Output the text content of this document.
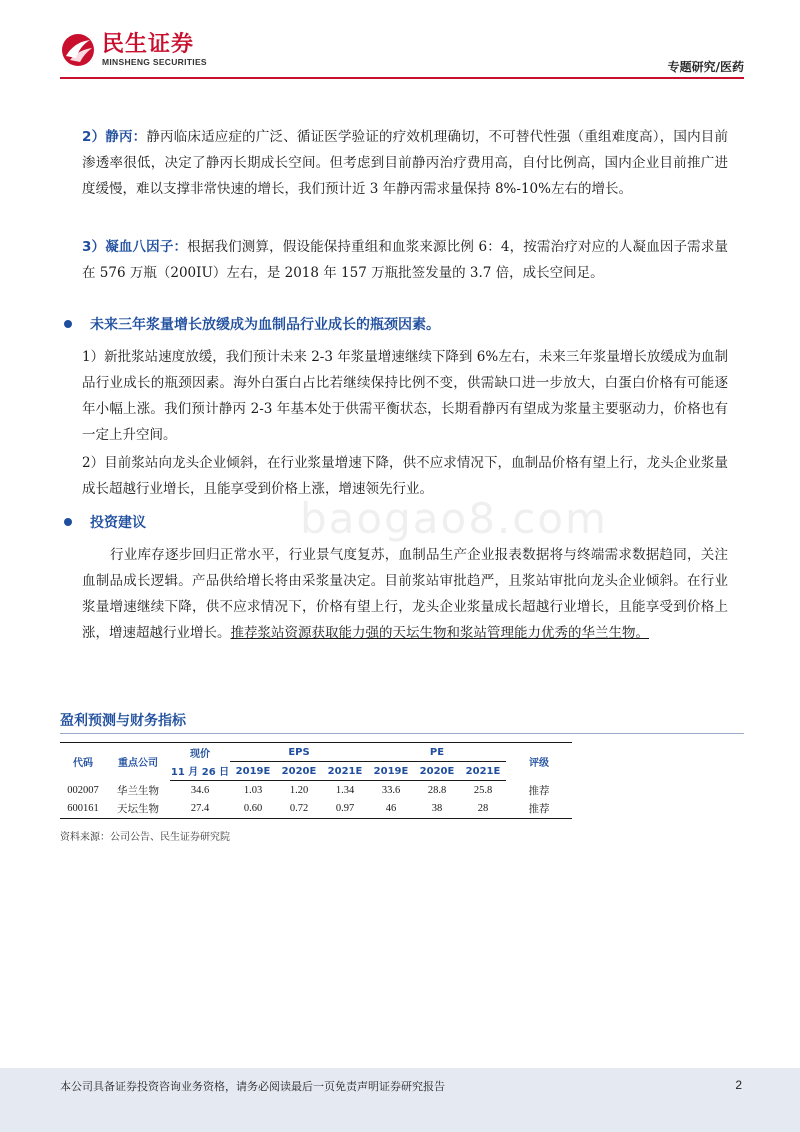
民生证券
MINSHENG SECURITIES	专题研究/医药
baogao8.com
2）静丙：静丙临床适应症的广泛、循证医学验证的疗效机理确切，不可替代性强（重组难度高），国内目前渗透率很低，决定了静丙长期成长空间。但考虑到目前静丙治疗费用高，自付比例高，国内企业目前推广进度缓慢，难以支撑非常快速的增长，我们预计近 3 年静丙需求量保持 8%-10%左右的增长。
3）凝血八因子：根据我们测算，假设能保持重组和血浆来源比例 6：4，按需治疗对应的人凝血因子需求量在 576 万瓶（200IU）左右，是 2018 年 157 万瓶批签发量的 3.7 倍，成长空间足。
未来三年浆量增长放缓成为血制品行业成长的瓶颈因素。
1）新批浆站速度放缓，我们预计未来 2-3 年浆量增速继续下降到 6%左右，未来三年浆量增长放缓成为血制品行业成长的瓶颈因素。海外白蛋白占比若继续保持比例不变，供需缺口进一步放大，白蛋白价格有可能逐年小幅上涨。我们预计静丙 2-3 年基本处于供需平衡状态，长期看静丙有望成为浆量主要驱动力，价格也有一定上升空间。
2）目前浆站向龙头企业倾斜，在行业浆量增速下降，供不应求情况下，血制品价格有望上行，龙头企业浆量成长超越行业增长，且能享受到价格上涨，增速领先行业。
投资建议
行业库存逐步回归正常水平，行业景气度复苏，血制品生产企业报表数据将与终端需求数据趋同，关注血制品成长逻辑。产品供给增长将由采浆量决定。目前浆站审批趋严，且浆站审批向龙头企业倾斜。在行业浆量增速继续下降，供不应求情况下，价格有望上行，龙头企业浆量成长超越行业增长，且能享受到价格上涨，增速超越行业增长。推荐浆站资源获取能力强的天坛生物和浆站管理能力优秀的华兰生物。
盈利预测与财务指标
代码	重点公司	现价	EPS			PE			评级
		11 月 26 日	2019E	2020E	2021E	2019E	2020E	2021E	
002007	华兰生物	34.6	1.03	1.20	1.34	33.6	28.8	25.8	推荐
600161	天坛生物	27.4	0.60	0.72	0.97	46	38	28	推荐
资料来源：公司公告、民生证券研究院
本公司具备证券投资咨询业务资格，请务必阅读最后一页免责声明证券研究报告	2
